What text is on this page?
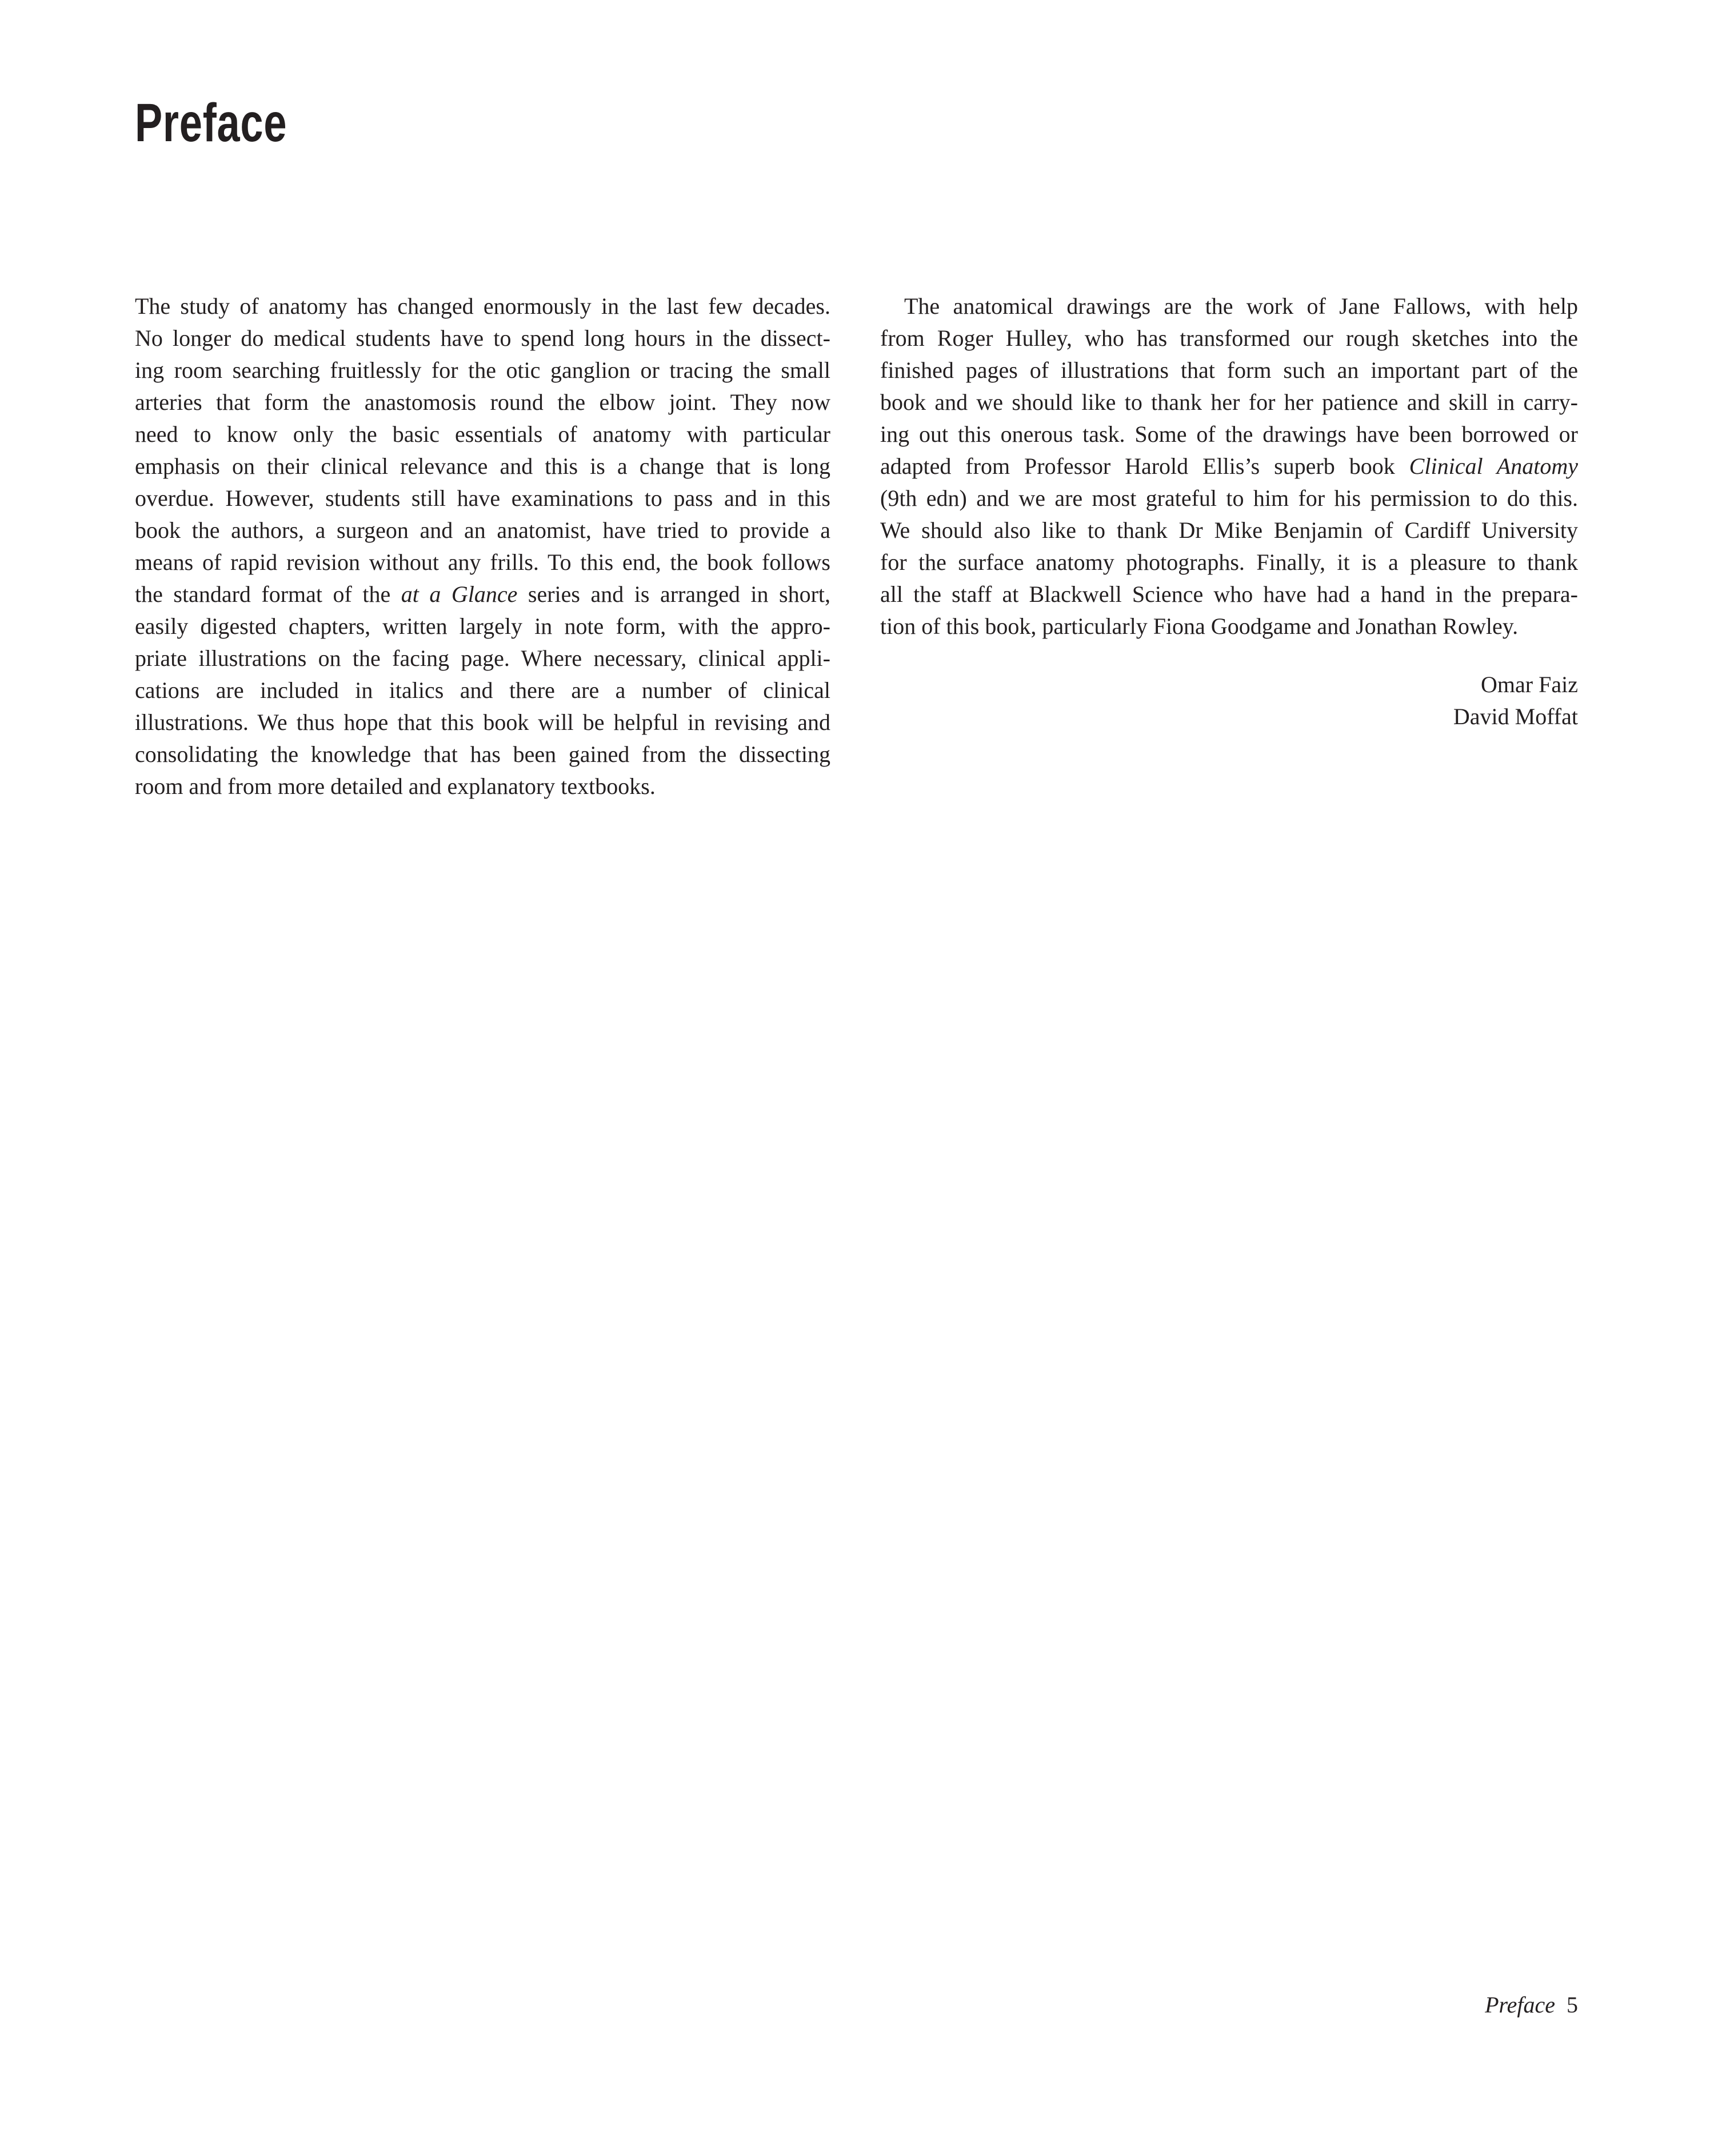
Preface
The study of anatomy has changed enormously in the last few decades.
No longer do medical students have to spend long hours in the dissect-
ing room searching fruitlessly for the otic ganglion or tracing the small
arteries that form the anastomosis round the elbow joint. They now
need to know only the basic essentials of anatomy with particular
emphasis on their clinical relevance and this is a change that is long
overdue. However, students still have examinations to pass and in this
book the authors, a surgeon and an anatomist, have tried to provide a
means of rapid revision without any frills. To this end, the book follows
the standard format of the at a Glance series and is arranged in short,
easily digested chapters, written largely in note form, with the appro-
priate illustrations on the facing page. Where necessary, clinical appli-
cations are included in italics and there are a number of clinical
illustrations. We thus hope that this book will be helpful in revising and
consolidating the knowledge that has been gained from the dissecting
room and from more detailed and explanatory textbooks.
The anatomical drawings are the work of Jane Fallows, with help
from Roger Hulley, who has transformed our rough sketches into the
finished pages of illustrations that form such an important part of the
book and we should like to thank her for her patience and skill in carry-
ing out this onerous task. Some of the drawings have been borrowed or
adapted from Professor Harold Ellis’s superb book Clinical Anatomy
(9th edn) and we are most grateful to him for his permission to do this.
We should also like to thank Dr Mike Benjamin of Cardiff University
for the surface anatomy photographs. Finally, it is a pleasure to thank
all the staff at Blackwell Science who have had a hand in the prepara-
tion of this book, particularly Fiona Goodgame and Jonathan Rowley.
Omar Faiz
David Moffat
Preface 5
